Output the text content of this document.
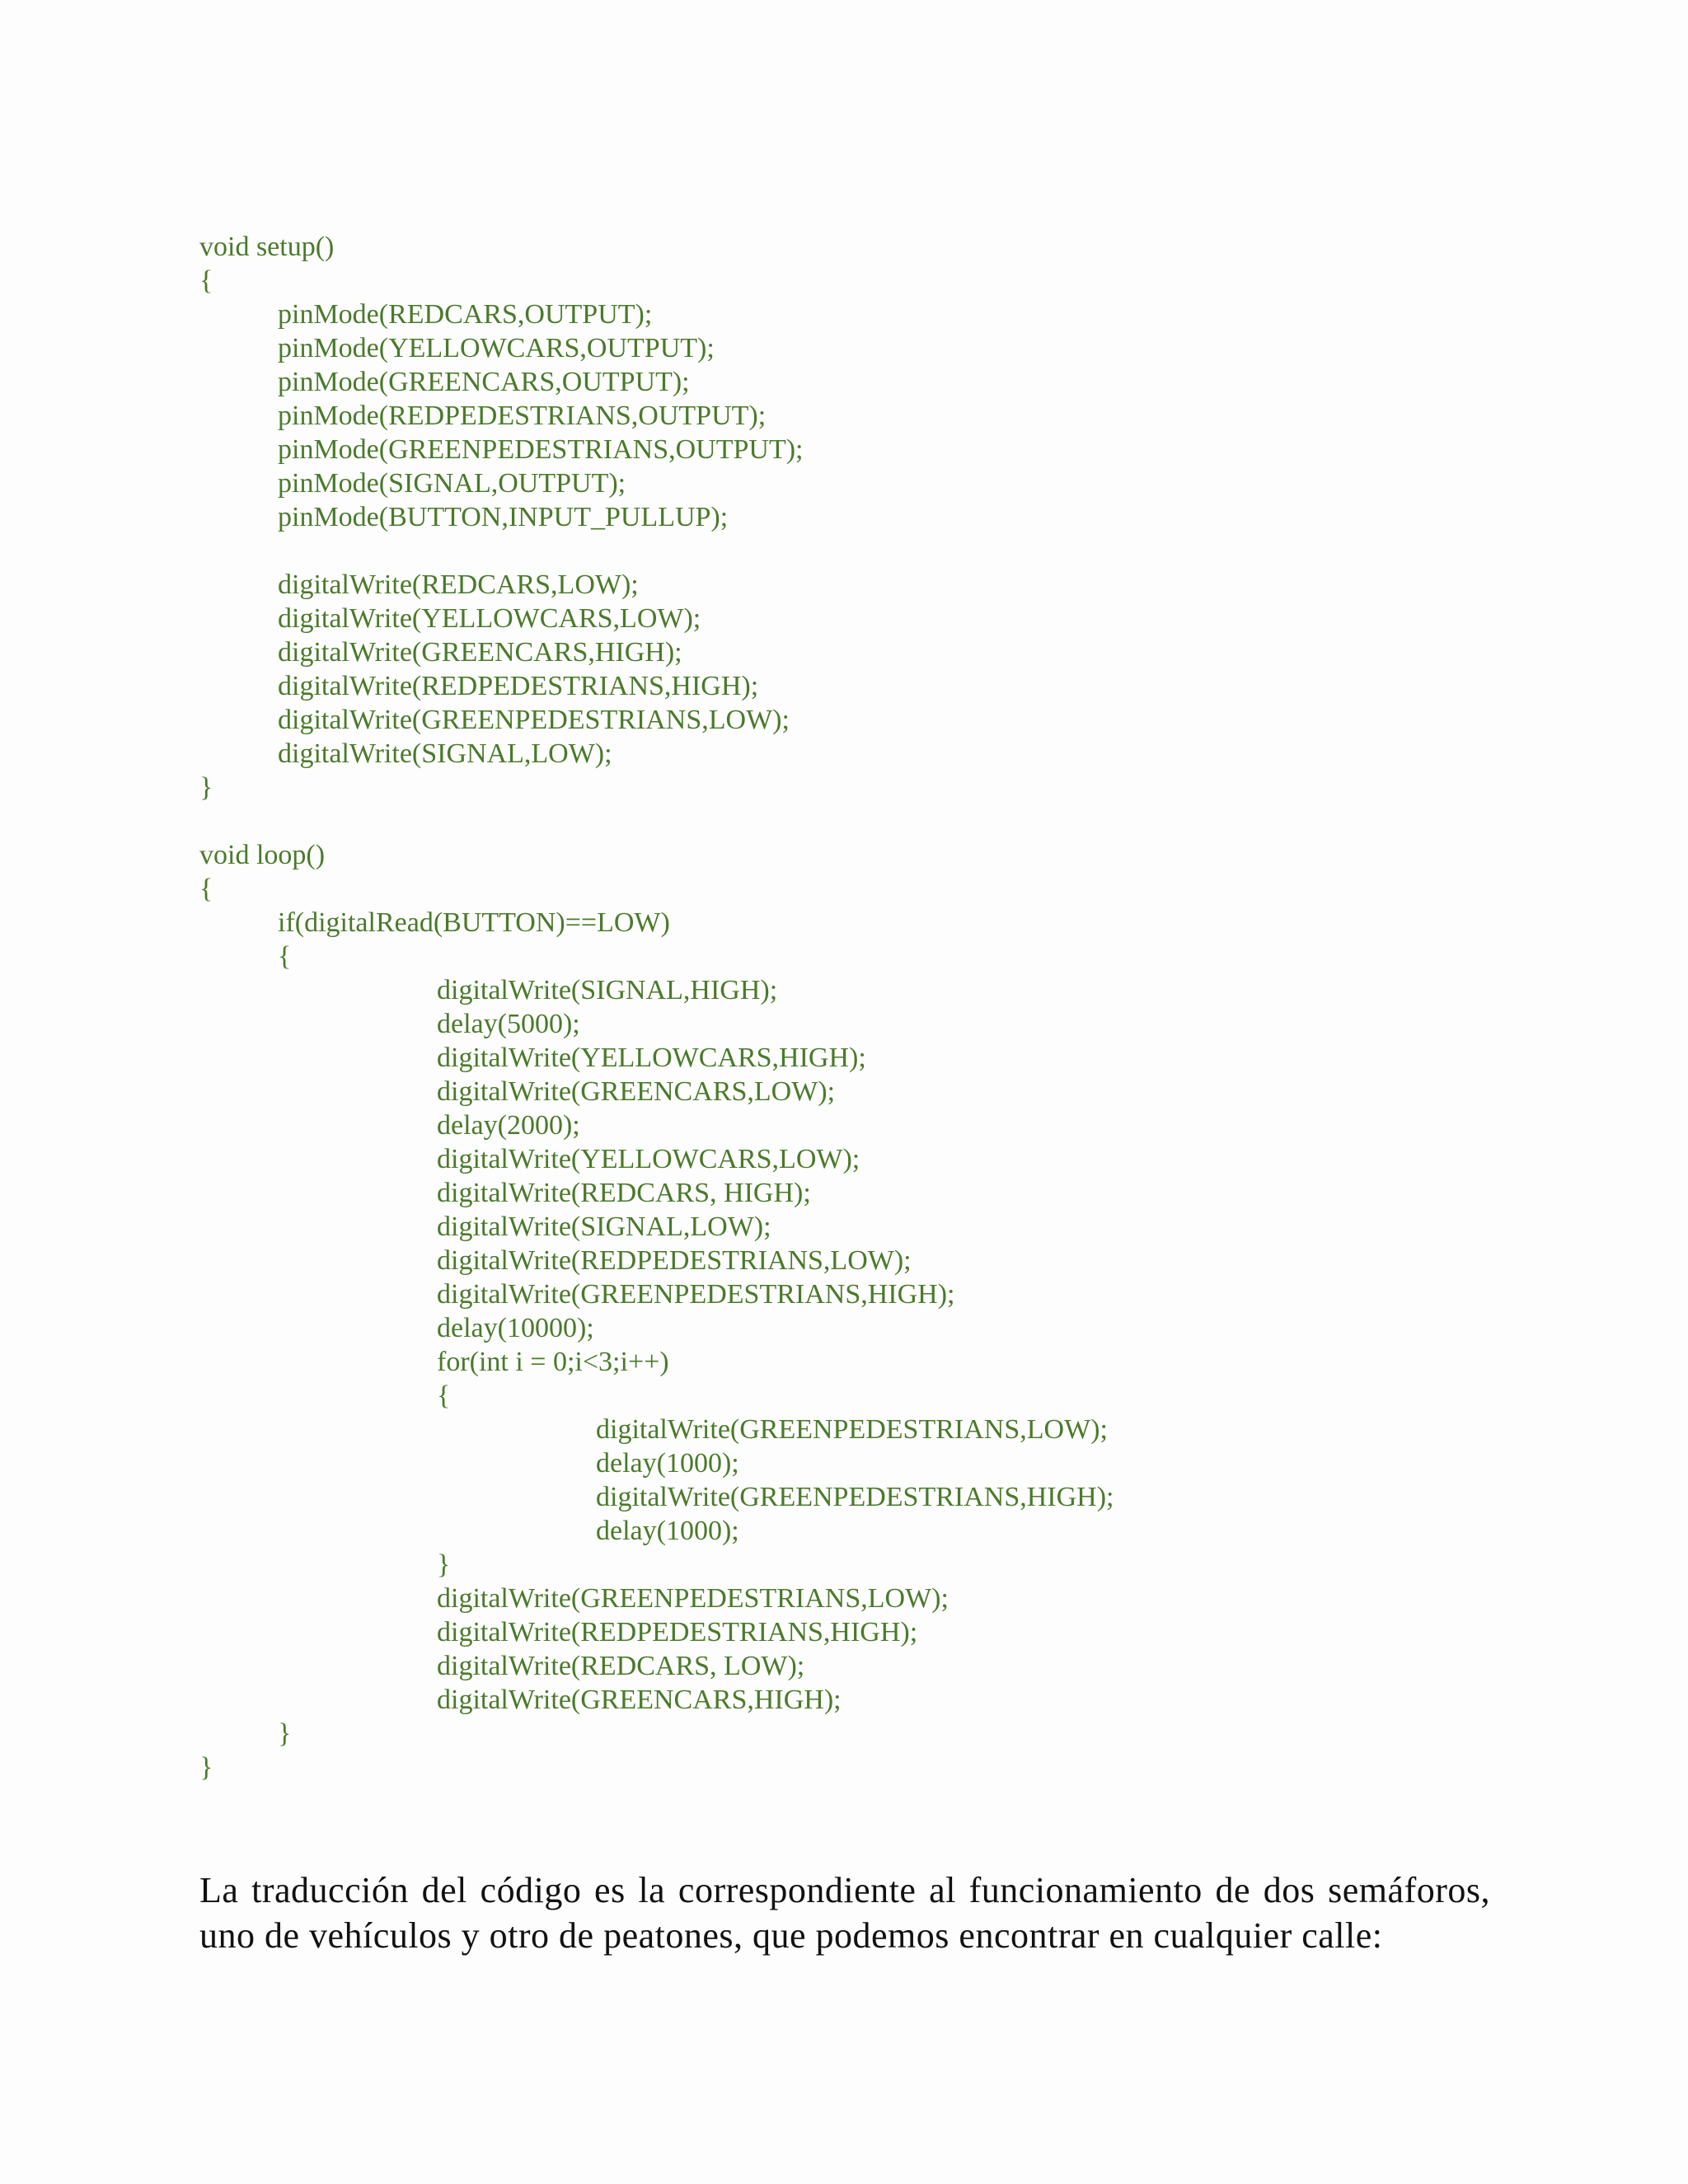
void setup()
{
pinMode(REDCARS,OUTPUT);
pinMode(YELLOWCARS,OUTPUT);
pinMode(GREENCARS,OUTPUT);
pinMode(REDPEDESTRIANS,OUTPUT);
pinMode(GREENPEDESTRIANS,OUTPUT);
pinMode(SIGNAL,OUTPUT);
pinMode(BUTTON,INPUT_PULLUP);
digitalWrite(REDCARS,LOW);
digitalWrite(YELLOWCARS,LOW);
digitalWrite(GREENCARS,HIGH);
digitalWrite(REDPEDESTRIANS,HIGH);
digitalWrite(GREENPEDESTRIANS,LOW);
digitalWrite(SIGNAL,LOW);
}
void loop()
{
if(digitalRead(BUTTON)==LOW)
{
digitalWrite(SIGNAL,HIGH);
delay(5000);
digitalWrite(YELLOWCARS,HIGH);
digitalWrite(GREENCARS,LOW);
delay(2000);
digitalWrite(YELLOWCARS,LOW);
digitalWrite(REDCARS, HIGH);
digitalWrite(SIGNAL,LOW);
digitalWrite(REDPEDESTRIANS,LOW);
digitalWrite(GREENPEDESTRIANS,HIGH);
delay(10000);
for(int i = 0;i<3;i++)
{
digitalWrite(GREENPEDESTRIANS,LOW);
delay(1000);
digitalWrite(GREENPEDESTRIANS,HIGH);
delay(1000);
}
digitalWrite(GREENPEDESTRIANS,LOW);
digitalWrite(REDPEDESTRIANS,HIGH);
digitalWrite(REDCARS, LOW);
digitalWrite(GREENCARS,HIGH);
}
}

La traducción del código es la correspondiente al funcionamiento de dos semáforos, uno de vehículos y otro de peatones, que podemos encontrar en cualquier calle:
